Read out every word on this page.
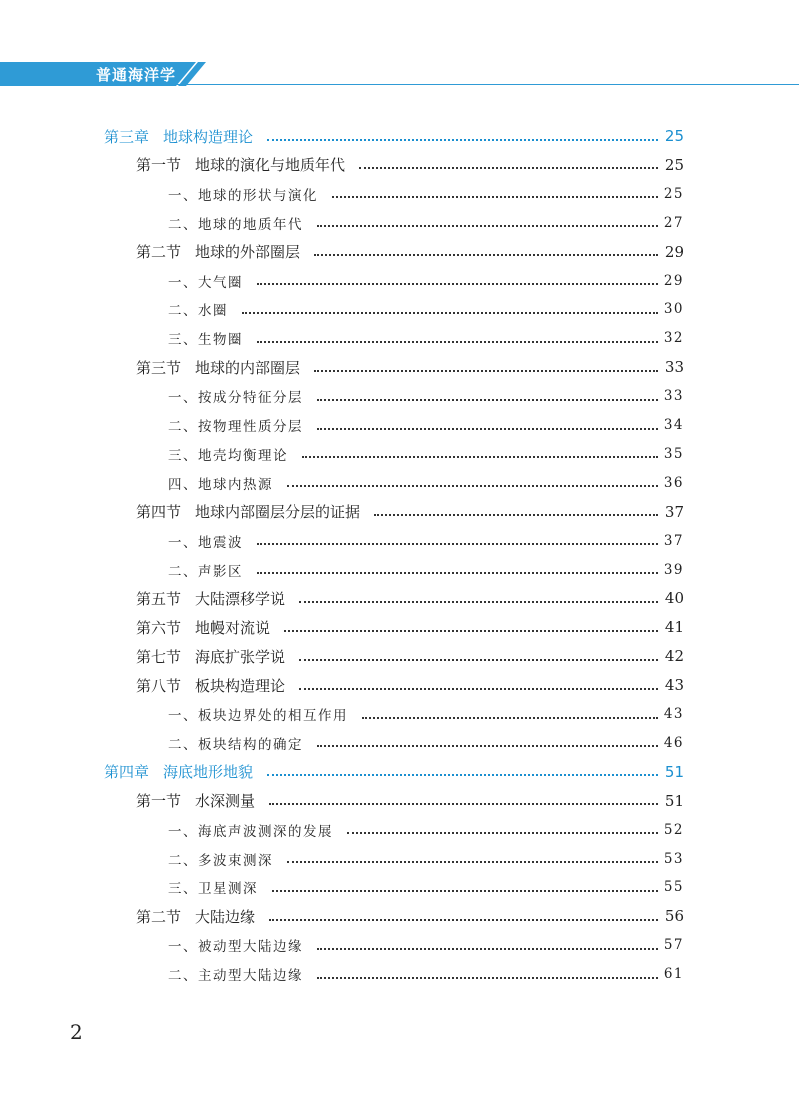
普通海洋学
第三章 地球构造理论	25
第一节 地球的演化与地质年代	25
一、地球的形状与演化	25
二、地球的地质年代	27
第二节 地球的外部圈层	29
一、大气圈	29
二、水圈	30
三、生物圈	32
第三节 地球的内部圈层	33
一、按成分特征分层	33
二、按物理性质分层	34
三、地壳均衡理论	35
四、地球内热源	36
第四节 地球内部圈层分层的证据	37
一、地震波	37
二、声影区	39
第五节 大陆漂移学说	40
第六节 地幔对流说	41
第七节 海底扩张学说	42
第八节 板块构造理论	43
一、板块边界处的相互作用	43
二、板块结构的确定	46
第四章 海底地形地貌	51
第一节 水深测量	51
一、海底声波测深的发展	52
二、多波束测深	53
三、卫星测深	55
第二节 大陆边缘	56
一、被动型大陆边缘	57
二、主动型大陆边缘	61
2
